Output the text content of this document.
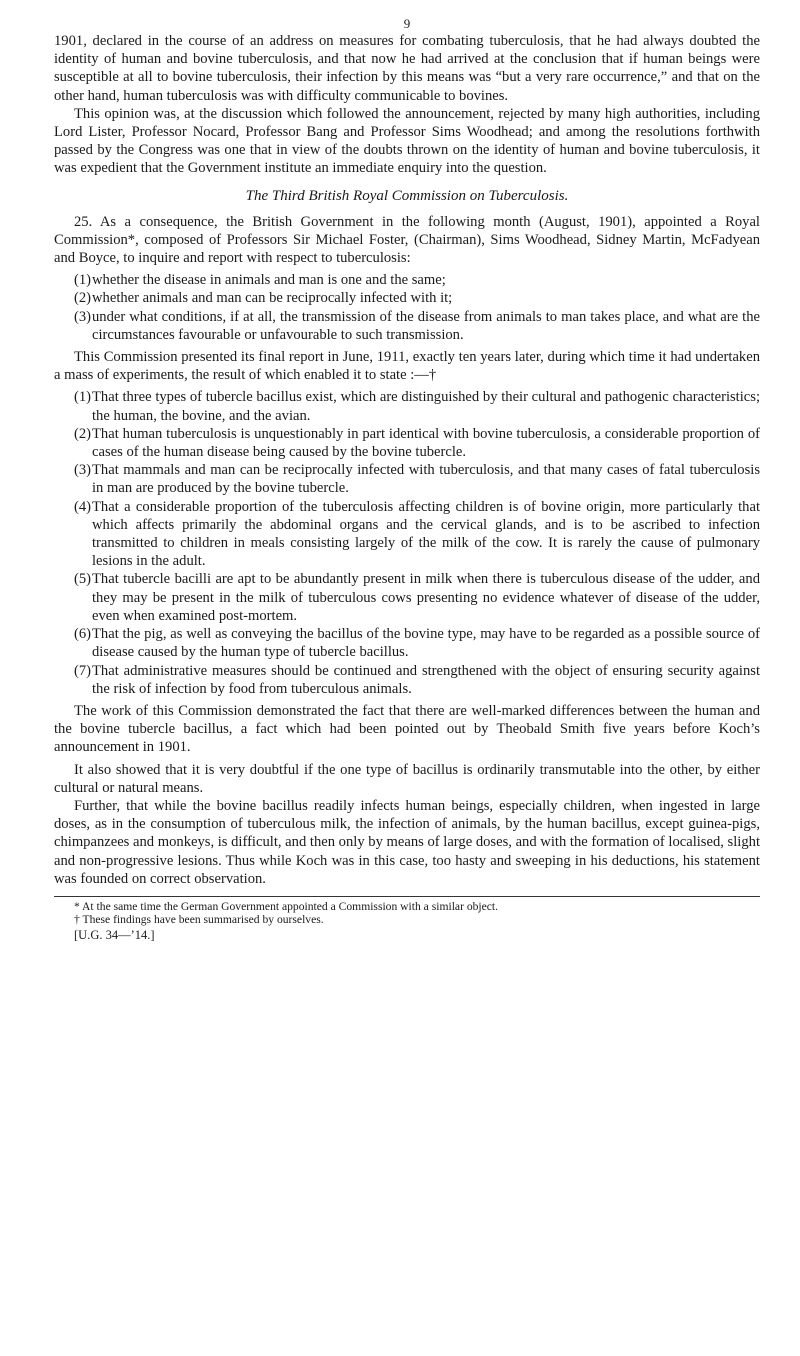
9

1901, declared in the course of an address on measures for combating tuberculosis, that he had always doubted the identity of human and bovine tuberculosis, and that now he had arrived at the conclusion that if human beings were susceptible at all to bovine tuberculosis, their infection by this means was “but a very rare occurrence,” and that on the other hand, human tuberculosis was with difficulty communicable to bovines.

This opinion was, at the discussion which followed the announcement, rejected by many high authorities, including Lord Lister, Professor Nocard, Professor Bang and Professor Sims Woodhead; and among the resolutions forthwith passed by the Congress was one that in view of the doubts thrown on the identity of human and bovine tuberculosis, it was expedient that the Government institute an immediate enquiry into the question.

The Third British Royal Commission on Tuberculosis.

25. As a consequence, the British Government in the following month (August, 1901), appointed a Royal Commission*, composed of Professors Sir Michael Foster, (Chairman), Sims Woodhead, Sidney Martin, McFadyean and Boyce, to inquire and report with respect to tuberculosis:

(1) whether the disease in animals and man is one and the same;
(2) whether animals and man can be reciprocally infected with it;
(3) under what conditions, if at all, the transmission of the disease from animals to man takes place, and what are the circumstances favourable or unfavourable to such transmission.

This Commission presented its final report in June, 1911, exactly ten years later, during which time it had undertaken a mass of experiments, the result of which enabled it to state :—†

(1) That three types of tubercle bacillus exist, which are distinguished by their cultural and pathogenic characteristics; the human, the bovine, and the avian.
(2) That human tuberculosis is unquestionably in part identical with bovine tuberculosis, a considerable proportion of cases of the human disease being caused by the bovine tubercle.
(3) That mammals and man can be reciprocally infected with tuberculosis, and that many cases of fatal tuberculosis in man are produced by the bovine tubercle.
(4) That a considerable proportion of the tuberculosis affecting children is of bovine origin, more particularly that which affects primarily the abdominal organs and the cervical glands, and is to be ascribed to infection transmitted to children in meals consisting largely of the milk of the cow. It is rarely the cause of pulmonary lesions in the adult.
(5) That tubercle bacilli are apt to be abundantly present in milk when there is tuberculous disease of the udder, and they may be present in the milk of tuberculous cows presenting no evidence whatever of disease of the udder, even when examined post-mortem.
(6) That the pig, as well as conveying the bacillus of the bovine type, may have to be regarded as a possible source of disease caused by the human type of tubercle bacillus.
(7) That administrative measures should be continued and strengthened with the object of ensuring security against the risk of infection by food from tuberculous animals.

The work of this Commission demonstrated the fact that there are well-marked differences between the human and the bovine tubercle bacillus, a fact which had been pointed out by Theobald Smith five years before Koch’s announcement in 1901.

It also showed that it is very doubtful if the one type of bacillus is ordinarily transmutable into the other, by either cultural or natural means.

Further, that while the bovine bacillus readily infects human beings, especially children, when ingested in large doses, as in the consumption of tuberculous milk, the infection of animals, by the human bacillus, except guinea-pigs, chimpanzees and monkeys, is difficult, and then only by means of large doses, and with the formation of localised, slight and non-progressive lesions. Thus while Koch was in this case, too hasty and sweeping in his deductions, his statement was founded on correct observation.

* At the same time the German Government appointed a Commission with a similar object.

† These findings have been summarised by ourselves.

[U.G. 34—’14.]
